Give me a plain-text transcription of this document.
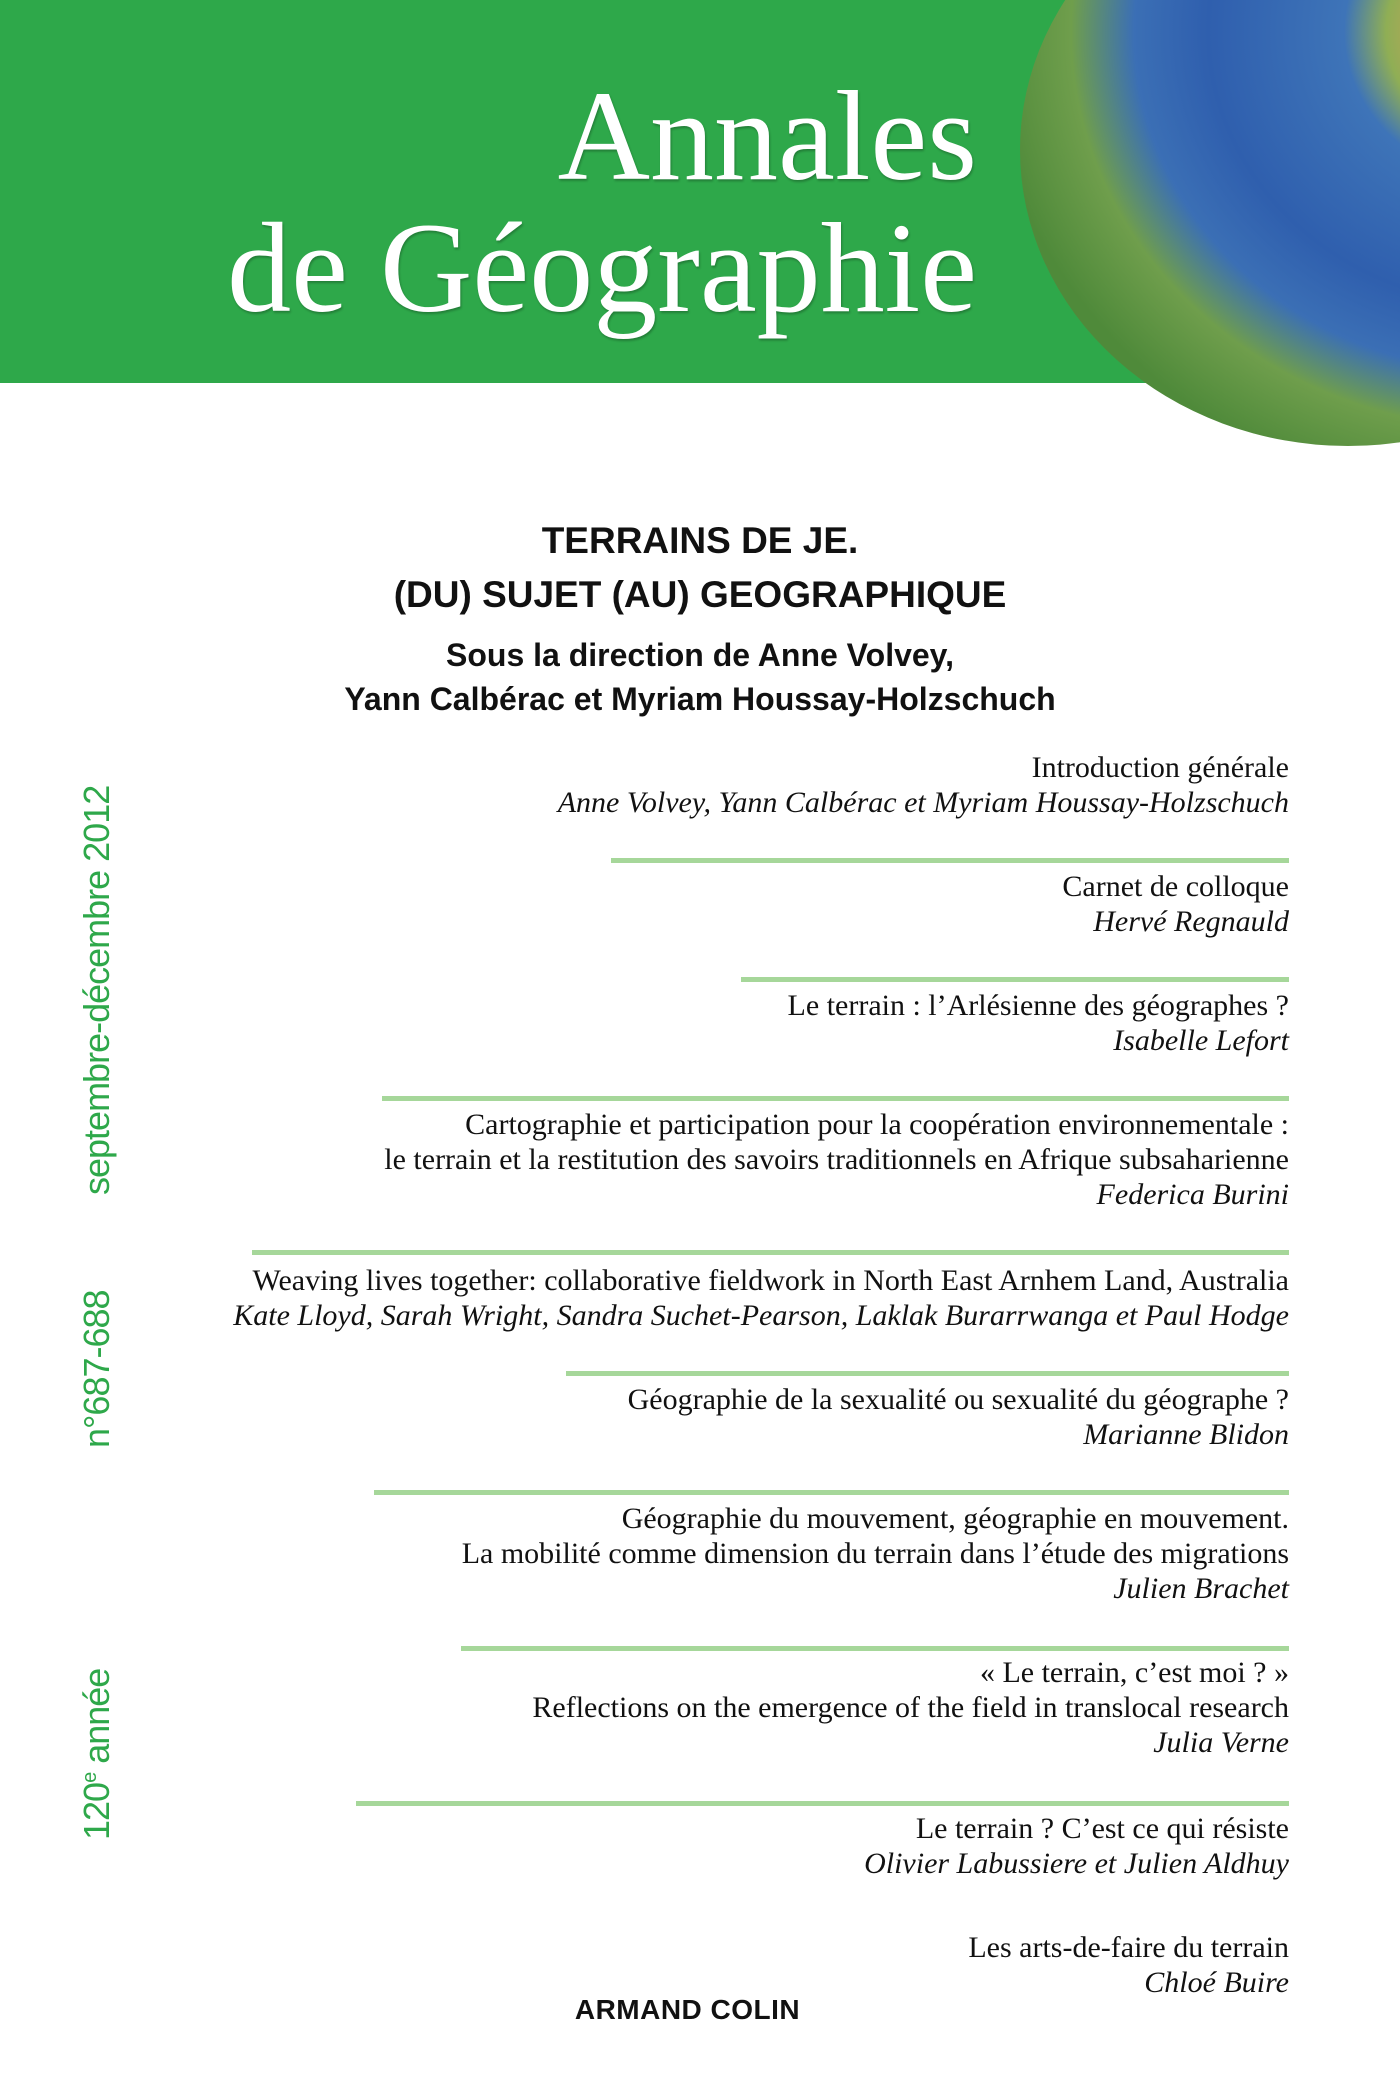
Annales
de Géographie
TERRAINS DE JE.
(DU) SUJET (AU) GEOGRAPHIQUE
Sous la direction de Anne Volvey,
Yann Calbérac et Myriam Houssay-Holzschuch
septembre-décembre 2012
n°687-688
120e année
Introduction générale
Anne Volvey, Yann Calbérac et Myriam Houssay-Holzschuch
Carnet de colloque
Hervé Regnauld
Le terrain : l’Arlésienne des géographes ?
Isabelle Lefort
Cartographie et participation pour la coopération environnementale :
le terrain et la restitution des savoirs traditionnels en Afrique subsaharienne
Federica Burini
Weaving lives together: collaborative fieldwork in North East Arnhem Land, Australia
Kate Lloyd, Sarah Wright, Sandra Suchet-Pearson, Laklak Burarrwanga et Paul Hodge
Géographie de la sexualité ou sexualité du géographe ?
Marianne Blidon
Géographie du mouvement, géographie en mouvement.
La mobilité comme dimension du terrain dans l’étude des migrations
Julien Brachet
« Le terrain, c’est moi ? »
Reflections on the emergence of the field in translocal research
Julia Verne
Le terrain ? C’est ce qui résiste
Olivier Labussiere et Julien Aldhuy
Les arts-de-faire du terrain
Chloé Buire
ARMAND COLIN
